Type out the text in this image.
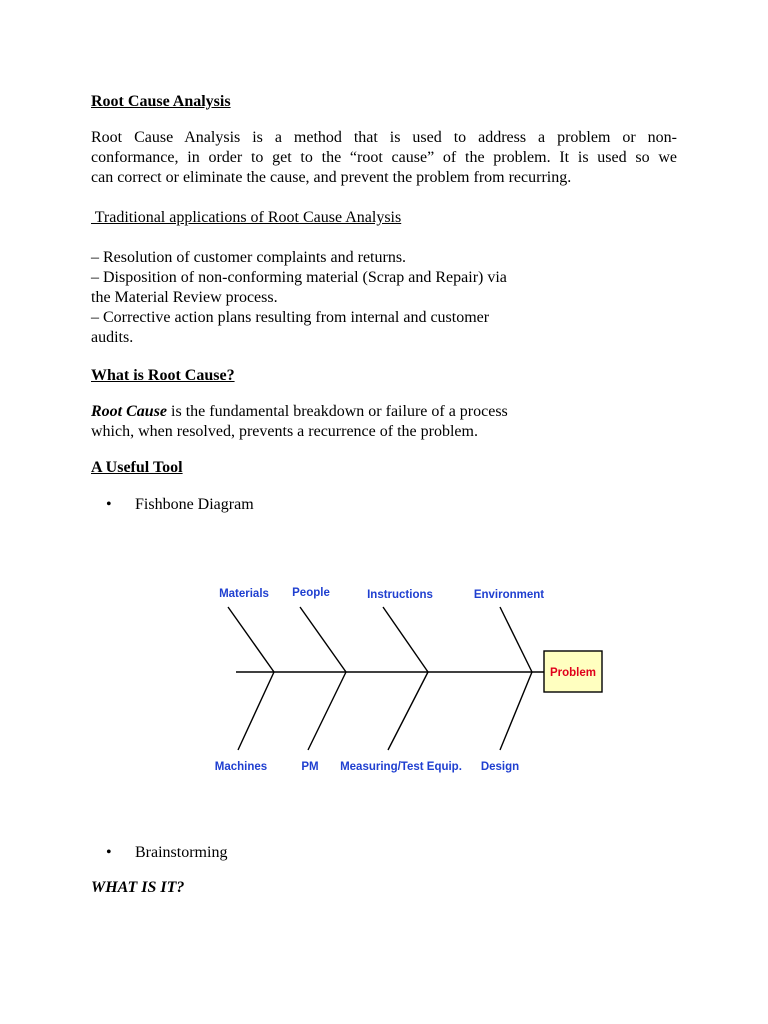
Root Cause Analysis
Root Cause Analysis is a method that is used to address a problem or non-
conformance, in order to get to the “root cause” of the problem. It is used so we
can correct or eliminate the cause, and prevent the problem from recurring.
Traditional applications of Root Cause Analysis
– Resolution of customer complaints and returns.
– Disposition of non-conforming material (Scrap and Repair) via
the Material Review process.
– Corrective action plans resulting from internal and customer
audits.
What is Root Cause?
Root Cause is the fundamental breakdown or failure of a process
which, when resolved, prevents a recurrence of the problem.
A Useful Tool
• Fishbone Diagram
Problem
Materials People	Instructions	Environment
Machines	PM Measuring/Test Equip. Design
• Brainstorming
WHAT IS IT?
